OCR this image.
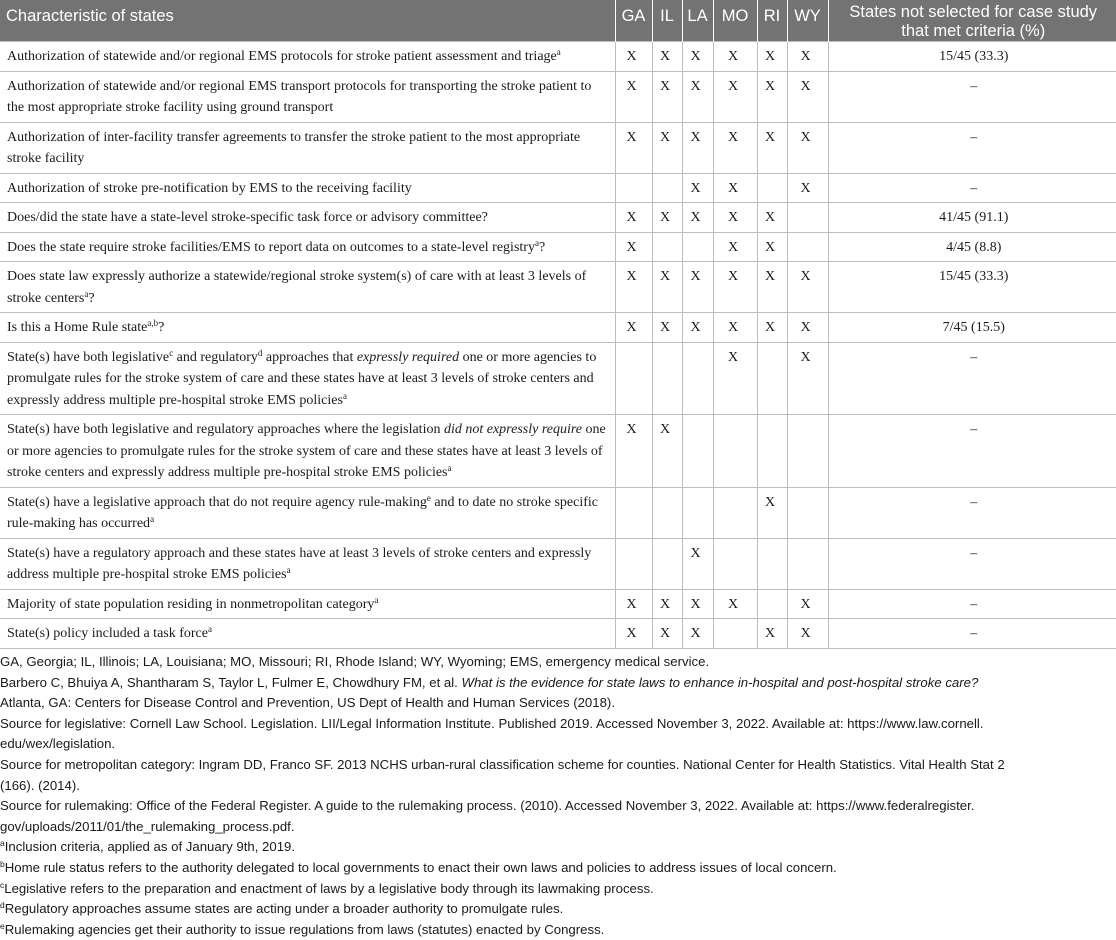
Characteristic of states	GA	IL	LA	MO	RI	WY	States not selected for case study that met criteria (%)
Authorization of statewide and/or regional EMS protocols for stroke patient assessment and triage$^a$	X	X	X	X	X	X	15/45 (33.3)
Authorization of statewide and/or regional EMS transport protocols for transporting the stroke patient to the most appropriate stroke facility using ground transport	X	X	X	X	X	X	–
Authorization of inter-facility transfer agreements to transfer the stroke patient to the most appropriate stroke facility	X	X	X	X	X	X	–
Authorization of stroke pre-notification by EMS to the receiving facility			X	X		X	–
Does/did the state have a state-level stroke-specific task force or advisory committee?	X	X	X	X	X		41/45 (91.1)
Does the state require stroke facilities/EMS to report data on outcomes to a state-level registry$^a$?	X			X	X		4/45 (8.8)
Does state law expressly authorize a statewide/regional stroke system(s) of care with at least 3 levels of stroke centers$^a$?	X	X	X	X	X	X	15/45 (33.3)
Is this a Home Rule state$^{a,b}$?	X	X	X	X	X	X	7/45 (15.5)
State(s) have both legislative$^c$ and regulatory$^d$ approaches that expressly required one or more agencies to promulgate rules for the stroke system of care and these states have at least 3 levels of stroke centers and expressly address multiple pre-hospital stroke EMS policies$^a$				X		X	–
State(s) have both legislative and regulatory approaches where the legislation did not expressly require one or more agencies to promulgate rules for the stroke system of care and these states have at least 3 levels of stroke centers and expressly address multiple pre-hospital stroke EMS policies$^a$	X	X					–
State(s) have a legislative approach that do not require agency rule-making$^e$ and to date no stroke specific rule-making has occurred$^a$					X		–
State(s) have a regulatory approach and these states have at least 3 levels of stroke centers and expressly address multiple pre-hospital stroke EMS policies$^a$			X				–
Majority of state population residing in nonmetropolitan category$^a$	X	X	X	X		X	–
State(s) policy included a task force$^a$	X	X	X		X	X	–

GA, Georgia; IL, Illinois; LA, Louisiana; MO, Missouri; RI, Rhode Island; WY, Wyoming; EMS, emergency medical service.

Barbero C, Bhuiya A, Shantharam S, Taylor L, Fulmer E, Chowdhury FM, et al. What is the evidence for state laws to enhance in-hospital and post-hospital stroke care?

Atlanta, GA: Centers for Disease Control and Prevention, US Dept of Health and Human Services (2018).

Source for legislative: Cornell Law School. Legislation. LII/Legal Information Institute. Published 2019. Accessed November 3, 2022. Available at: https://www.law.cornell.

edu/wex/legislation.

Source for metropolitan category: Ingram DD, Franco SF. 2013 NCHS urban-rural classification scheme for counties. National Center for Health Statistics. Vital Health Stat 2

(166). (2014).

Source for rulemaking: Office of the Federal Register. A guide to the rulemaking process. (2010). Accessed November 3, 2022. Available at: https://www.federalregister.

gov/uploads/2011/01/the_rulemaking_process.pdf.

$^a$Inclusion criteria, applied as of January 9th, 2019.

$^b$Home rule status refers to the authority delegated to local governments to enact their own laws and policies to address issues of local concern.

$^c$Legislative refers to the preparation and enactment of laws by a legislative body through its lawmaking process.

$^d$Regulatory approaches assume states are acting under a broader authority to promulgate rules.

$^e$Rulemaking agencies get their authority to issue regulations from laws (statutes) enacted by Congress.
